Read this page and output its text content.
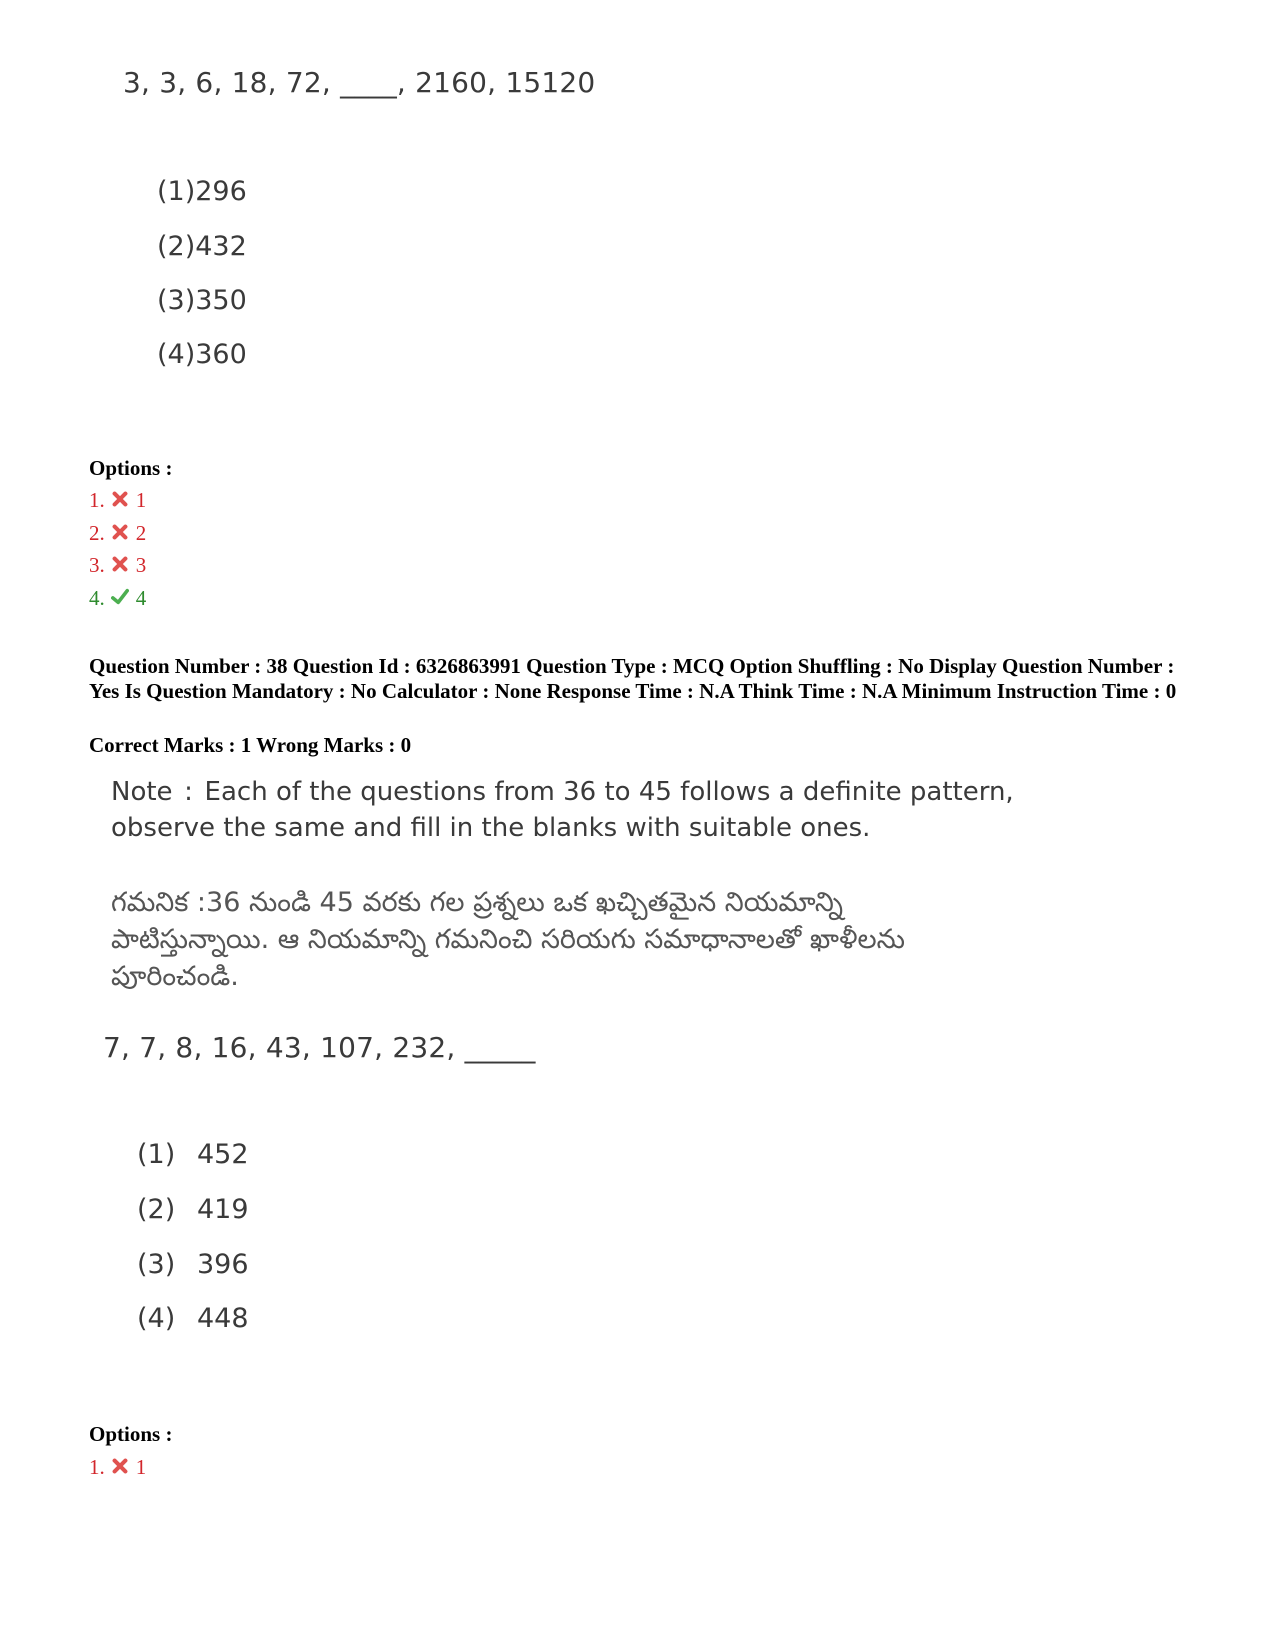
3, 3, 6, 18, 72, ____, 2160, 15120
(1)296
(2)432
(3)350
(4)360
Options :
1. 1
2. 2
3. 3
4. 4
Question Number : 38 Question Id : 6326863991 Question Type : MCQ Option Shuffling : No Display Question Number : Yes Is Question Mandatory : No Calculator : None Response Time : N.A Think Time : N.A Minimum Instruction Time : 0
Correct Marks : 1 Wrong Marks : 0
Note : Each of the questions from 36 to 45 follows a definite pattern,
observe the same and fill in the blanks with suitable ones.
గమనిక :36 నుండి 45 వరకు గల ప్రశ్నలు ఒక ఖచ్చితమైన నియమాన్ని పాటిస్తున్నాయి. ఆ నియమాన్ని గమనించి సరియగు సమాధానాలతో ఖాళీలను పూరించండి.
7, 7, 8, 16, 43, 107, 232, _____
(1) 452
(2) 419
(3) 396
(4) 448
Options :
1. 1
